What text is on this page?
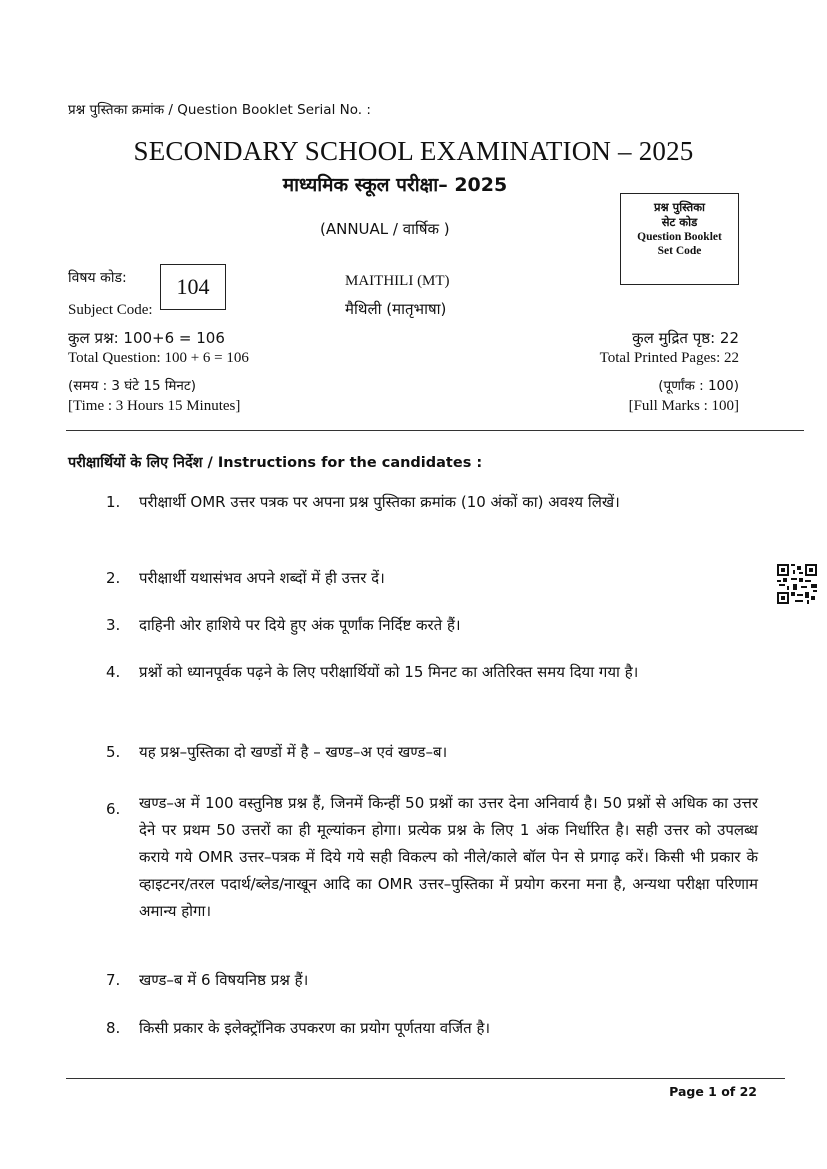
प्रश्न पुस्तिका क्रमांक / Question Booklet Serial No. :
SECONDARY SCHOOL EXAMINATION – 2025
माध्यमिक स्कूल परीक्षा– 2025
(ANNUAL / वार्षिक )
प्रश्न पुस्तिका
सेट कोड
Question Booklet
Set Code
विषय कोड:
Subject Code:
104	MAITHILI (MT)
मैथिली (मातृभाषा)
कुल प्रश्न: 100+6 = 106
Total Question: 100 + 6 = 106
(समय : 3 घंटे 15 मिनट)
[Time : 3 Hours 15 Minutes]
कुल मुद्रित पृष्ठ: 22
Total Printed Pages: 22
(पूर्णांक : 100)
[Full Marks : 100]
परीक्षार्थियों के लिए निर्देश / Instructions for the candidates :
1.	परीक्षार्थी OMR उत्तर पत्रक पर अपना प्रश्न पुस्तिका क्रमांक (10 अंकों का) अवश्य लिखें।
2.	परीक्षार्थी यथासंभव अपने शब्दों में ही उत्तर दें।
3.	दाहिनी ओर हाशिये पर दिये हुए अंक पूर्णांक निर्दिष्ट करते हैं।
4.	प्रश्नों को ध्यानपूर्वक पढ़ने के लिए परीक्षार्थियों को 15 मिनट का अतिरिक्त समय दिया गया है।
5.	यह प्रश्न–पुस्तिका दो खण्डों में है – खण्ड–अ एवं खण्ड–ब।
6.	खण्ड–अ में 100 वस्तुनिष्ठ प्रश्न हैं, जिनमें किन्हीं 50 प्रश्नों का उत्तर देना अनिवार्य है। 50 प्रश्नों से अधिक का उत्तर देने पर प्रथम 50 उत्तरों का ही मूल्यांकन होगा। प्रत्येक प्रश्न के लिए 1 अंक निर्धारित है। सही उत्तर को उपलब्ध कराये गये OMR उत्तर–पत्रक में दिये गये सही विकल्प को नीले/काले बॉल पेन से प्रगाढ़ करें। किसी भी प्रकार के व्हाइटनर/तरल पदार्थ/ब्लेड/नाखून आदि का OMR उत्तर–पुस्तिका में प्रयोग करना मना है, अन्यथा परीक्षा परिणाम अमान्य होगा।
7.	खण्ड–ब में 6 विषयनिष्ठ प्रश्न हैं।
8.	किसी प्रकार के इलेक्ट्रॉनिक उपकरण का प्रयोग पूर्णतया वर्जित है।
Page 1 of 22
